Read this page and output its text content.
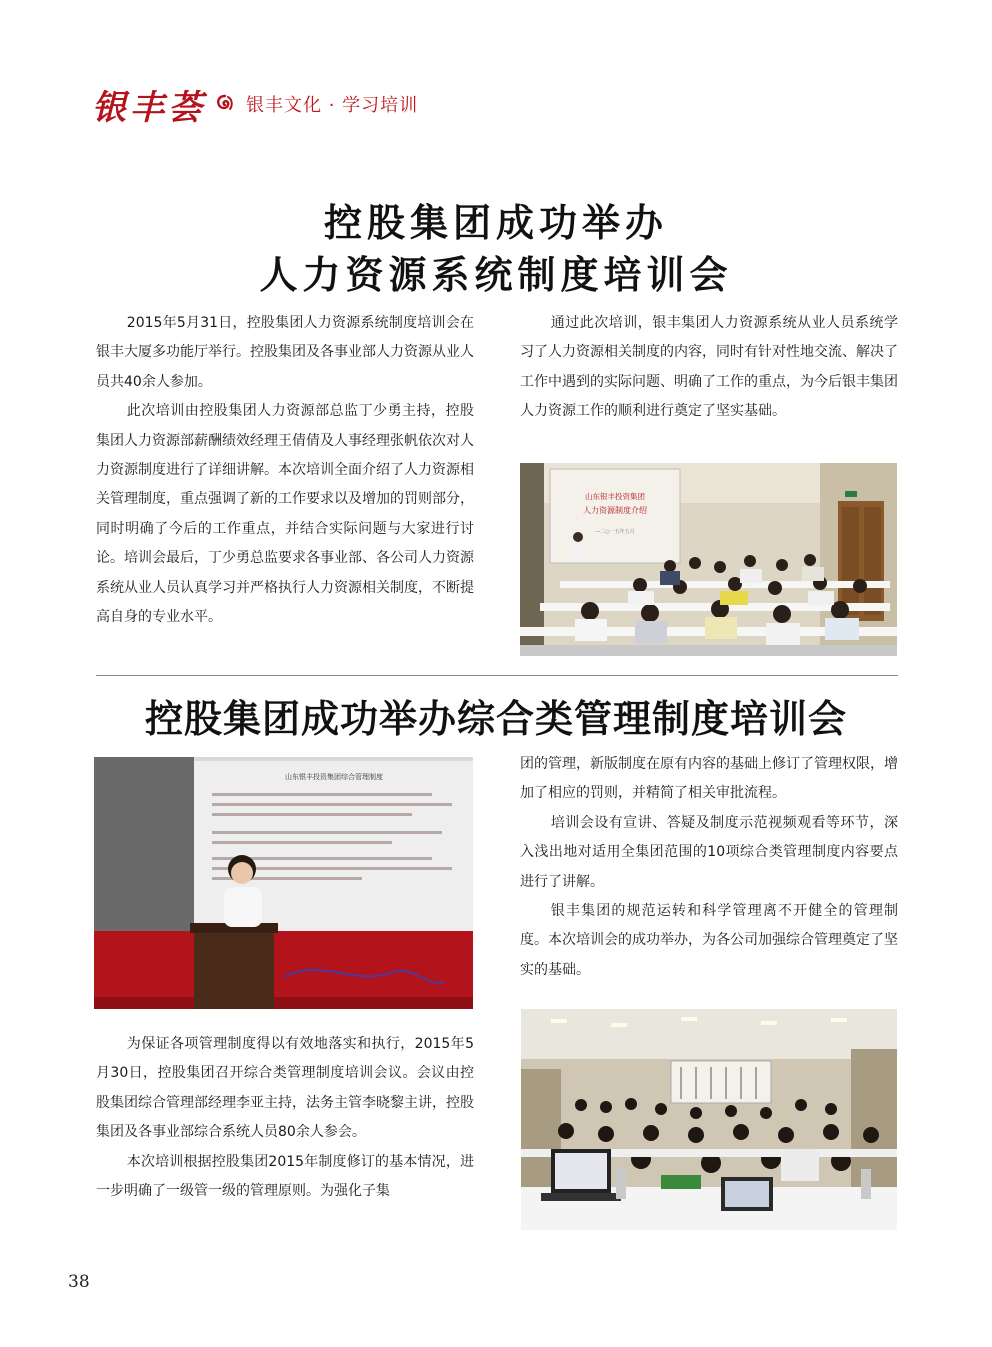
银丰荟 银丰文化 · 学习培训
控股集团成功举办
人力资源系统制度培训会

2015年5月31日，控股集团人力资源系统制度培训会在银丰大厦多功能厅举行。控股集团及各事业部人力资源从业人员共40余人参加。

此次培训由控股集团人力资源部总监丁少勇主持，控股集团人力资源部薪酬绩效经理王倩倩及人事经理张帆依次对人力资源制度进行了详细讲解。本次培训全面介绍了人力资源相关管理制度，重点强调了新的工作要求以及增加的罚则部分，同时明确了今后的工作重点，并结合实际问题与大家进行讨论。培训会最后，丁少勇总监要求各事业部、各公司人力资源系统从业人员认真学习并严格执行人力资源相关制度，不断提高自身的专业水平。

通过此次培训，银丰集团人力资源系统从业人员系统学习了人力资源相关制度的内容，同时有针对性地交流、解决了工作中遇到的实际问题、明确了工作的重点，为今后银丰集团人力资源工作的顺利进行奠定了坚实基础。

山东银丰投资集团
人力资源制度介绍
—二○一五年五月
控股集团成功举办综合类管理制度培训会
山东银丰投资集团综合管理制度

团的管理，新版制度在原有内容的基础上修订了管理权限，增加了相应的罚则，并精简了相关审批流程。

培训会设有宣讲、答疑及制度示范视频观看等环节，深入浅出地对适用全集团范围的10项综合类管理制度内容要点进行了讲解。

银丰集团的规范运转和科学管理离不开健全的管理制度。本次培训会的成功举办，为各公司加强综合管理奠定了坚实的基础。

为保证各项管理制度得以有效地落实和执行，2015年5月30日，控股集团召开综合类管理制度培训会议。会议由控股集团综合管理部经理李亚主持，法务主管李晓黎主讲，控股集团及各事业部综合系统人员80余人参会。

本次培训根据控股集团2015年制度修订的基本情况，进一步明确了一级管一级的管理原则。为强化子集

38
